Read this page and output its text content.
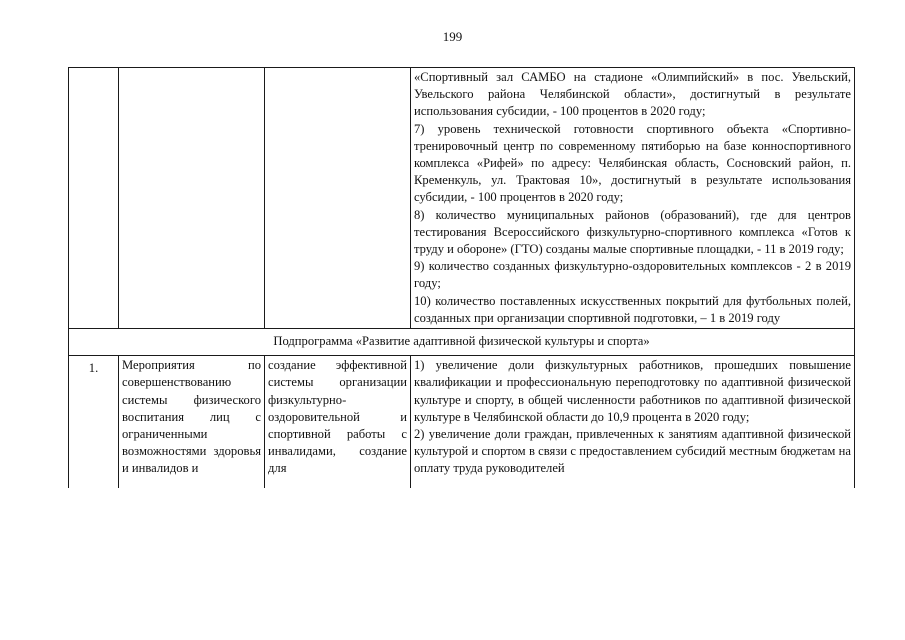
199

			«Спортивный зал САМБО на стадионе «Олимпийский» в пос. Увельский, Увельского района Челябинской области», достигнутый в результате использования субсидии, - 100 процентов в 2020 году;
7) уровень технической готовности спортивного объекта «Спортивно-тренировочный центр по современному пятиборью на базе конноспортивного комплекса «Рифей» по адресу: Челябинская область, Сосновский район, п. Кременкуль, ул. Трактовая 10», достигнутый в результате использования субсидии, - 100 процентов в 2020 году;
8) количество муниципальных районов (образований), где для центров тестирования Всероссийского физкультурно-спортивного комплекса «Готов к труду и обороне» (ГТО) созданы малые спортивные площадки, - 11 в 2019 году;
9) количество созданных физкультурно-оздоровительных комплексов - 2 в 2019 году;
10) количество поставленных искусственных покрытий для футбольных полей, созданных при организации спортивной подготовки, – 1 в 2019 году

Подпрограмма «Развитие адаптивной физической культуры и спорта»			
1.	Мероприятия по совершенствованию системы физического воспитания лиц с ограниченными возможностями здоровья и инвалидов и	создание эффективной системы организации физкультурно-оздоровительной и спортивной работы с инвалидами, создание для	1) увеличение доли физкультурных работников, прошедших повышение квалификации и профессиональную переподготовку по адаптивной физической культуре и спорту, в общей численности работников по адаптивной физической культуре в Челябинской области до 10,9 процента в 2020 году;
2) увеличение доли граждан, привлеченных к занятиям адаптивной физической культурой и спортом в связи с предоставлением субсидий местным бюджетам на оплату труда руководителей
